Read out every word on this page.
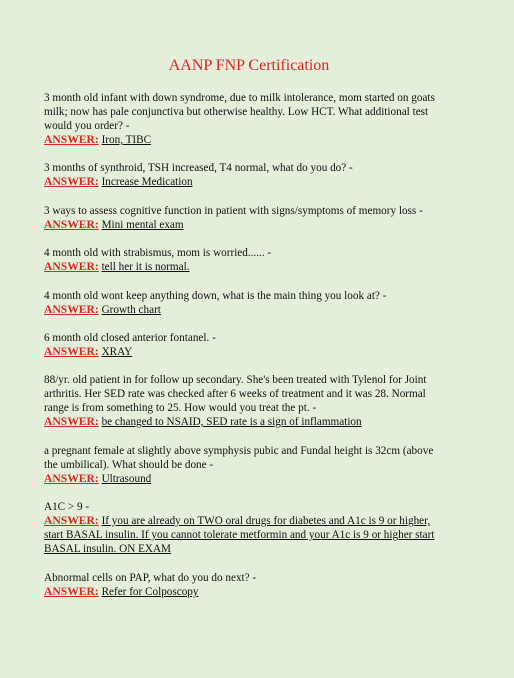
AANP FNP Certification
3 month old infant with down syndrome, due to milk intolerance, mom started on goats milk; now has pale conjunctiva but otherwise healthy. Low HCT. What additional test would you order? -
ANSWER: Iron, TIBC
3 months of synthroid, TSH increased, T4 normal, what do you do? -
ANSWER: Increase Medication
3 ways to assess cognitive function in patient with signs/symptoms of memory loss -
ANSWER: Mini mental exam
4 month old with strabismus, mom is worried...... -
ANSWER: tell her it is normal.
4 month old wont keep anything down, what is the main thing you look at? -
ANSWER: Growth chart
6 month old closed anterior fontanel. -
ANSWER: XRAY
88/yr. old patient in for follow up secondary. She's been treated with Tylenol for Joint arthritis. Her SED rate was checked after 6 weeks of treatment and it was 28. Normal range is from something to 25. How would you treat the pt. -
ANSWER: be changed to NSAID, SED rate is a sign of inflammation
a pregnant female at slightly above symphysis pubic and Fundal height is 32cm (above the umbilical). What should be done -
ANSWER: Ultrasound
A1C > 9 -
ANSWER: If you are already on TWO oral drugs for diabetes and A1c is 9 or higher, start BASAL insulin. If you cannot tolerate metformin and your A1c is 9 or higher start BASAL insulin. ON EXAM
Abnormal cells on PAP, what do you do next? -
ANSWER: Refer for Colposcopy
